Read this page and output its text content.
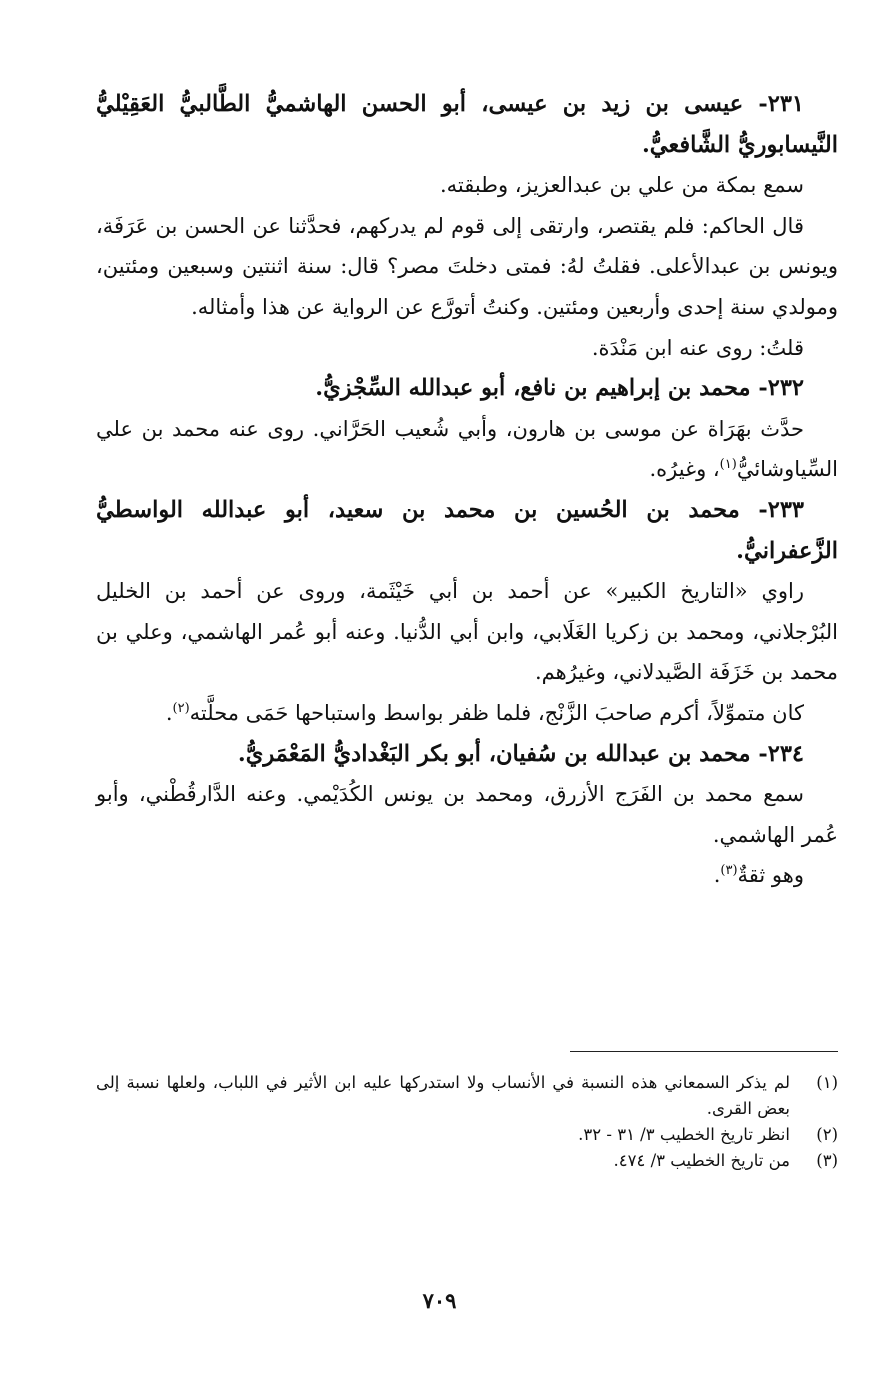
٢٣١- عيسى بن زيد بن عيسى، أبو الحسن الهاشميُّ الطَّالبيُّ العَقِيْليُّ النَّيسابوريُّ الشَّافعيُّ.

سمع بمكة من علي بن عبدالعزيز، وطبقته.

قال الحاكم: فلم يقتصر، وارتقى إلى قوم لم يدركهم، فحدَّثنا عن الحسن بن عَرَفَة، ويونس بن عبدالأعلى. فقلتُ لهُ: فمتى دخلتَ مصر؟ قال: سنة اثنتين وسبعين ومئتين، ومولدي سنة إحدى وأربعين ومئتين. وكنتُ أتورَّع عن الرواية عن هذا وأمثاله.

قلتُ: روى عنه ابن مَنْدَة.

٢٣٢- محمد بن إبراهيم بن نافع، أبو عبدالله السِّجْزيُّ.

حدَّث بهَرَاة عن موسى بن هارون، وأبي شُعيب الحَرَّاني. روى عنه محمد بن علي السِّياوشائيُّ$^{(١)}$، وغيرُه.

٢٣٣- محمد بن الحُسين بن محمد بن سعيد، أبو عبدالله الواسطيُّ الزَّعفرانيُّ.

راوي «التاريخ الكبير» عن أحمد بن أبي خَيْثَمة، وروى عن أحمد بن الخليل البُرْجلاني، ومحمد بن زكريا الغَلَابي، وابن أبي الدُّنيا. وعنه أبو عُمر الهاشمي، وعلي بن محمد بن خَزَفَة الصَّيدلاني، وغيرُهم.

كان متموِّلاً، أكرم صاحبَ الزَّنْج، فلما ظفر بواسط واستباحها حَمَى محلَّته$^{(٢)}$.

٢٣٤- محمد بن عبدالله بن سُفيان، أبو بكر البَغْداديُّ المَعْمَريُّ.

سمع محمد بن الفَرَج الأزرق، ومحمد بن يونس الكُدَيْمي. وعنه الدَّارقُطْني، وأبو عُمر الهاشمي.

وهو ثقةٌ$^{(٣)}$.

(١)
لم يذكر السمعاني هذه النسبة في الأنساب ولا استدركها عليه ابن الأثير في اللباب، ولعلها نسبة إلى بعض القرى.
(٢)
انظر تاريخ الخطيب ٣/ ٣١ - ٣٢.
(٣)
من تاريخ الخطيب ٣/ ٤٧٤.
٧٠٩
